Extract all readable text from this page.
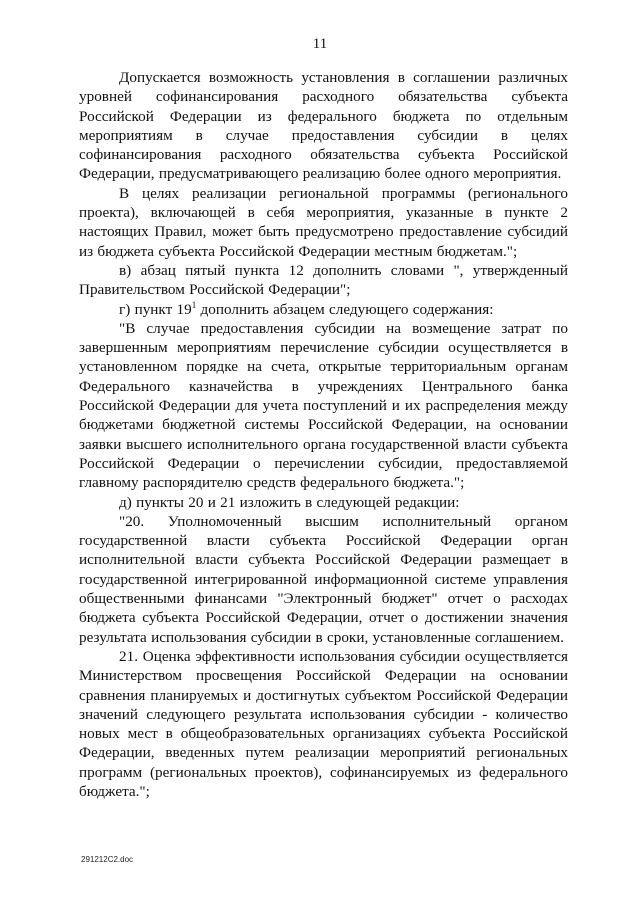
11

Допускается возможность установления в соглашении различных уровней софинансирования расходного обязательства субъекта Российской Федерации из федерального бюджета по отдельным мероприятиям в случае предоставления субсидии в целях софинансирования расходного обязательства субъекта Российской Федерации, предусматривающего реализацию более одного мероприятия.

В целях реализации региональной программы (регионального проекта), включающей в себя мероприятия, указанные в пункте 2 настоящих Правил, может быть предусмотрено предоставление субсидий из бюджета субъекта Российской Федерации местным бюджетам.";

в) абзац пятый пункта 12 дополнить словами ", утвержденный Правительством Российской Федерации";

г) пункт $19^1$ дополнить абзацем следующего содержания:

"В случае предоставления субсидии на возмещение затрат по завершенным мероприятиям перечисление субсидии осуществляется в установленном порядке на счета, открытые территориальным органам Федерального казначейства в учреждениях Центрального банка Российской Федерации для учета поступлений и их распределения между бюджетами бюджетной системы Российской Федерации, на основании заявки высшего исполнительного органа государственной власти субъекта Российской Федерации о перечислении субсидии, предоставляемой главному распорядителю средств федерального бюджета.";

д) пункты 20 и 21 изложить в следующей редакции:

"20. Уполномоченный высшим исполнительный органом государственной власти субъекта Российской Федерации орган исполнительной власти субъекта Российской Федерации размещает в государственной интегрированной информационной системе управления общественными финансами "Электронный бюджет" отчет о расходах бюджета субъекта Российской Федерации, отчет о достижении значения результата использования субсидии в сроки, установленные соглашением.

21. Оценка эффективности использования субсидии осуществляется Министерством просвещения Российской Федерации на основании сравнения планируемых и достигнутых субъектом Российской Федерации значений следующего результата использования субсидии - количество новых мест в общеобразовательных организациях субъекта Российской Федерации, введенных путем реализации мероприятий региональных программ (региональных проектов), софинансируемых из федерального бюджета.";

291212С2.doc
